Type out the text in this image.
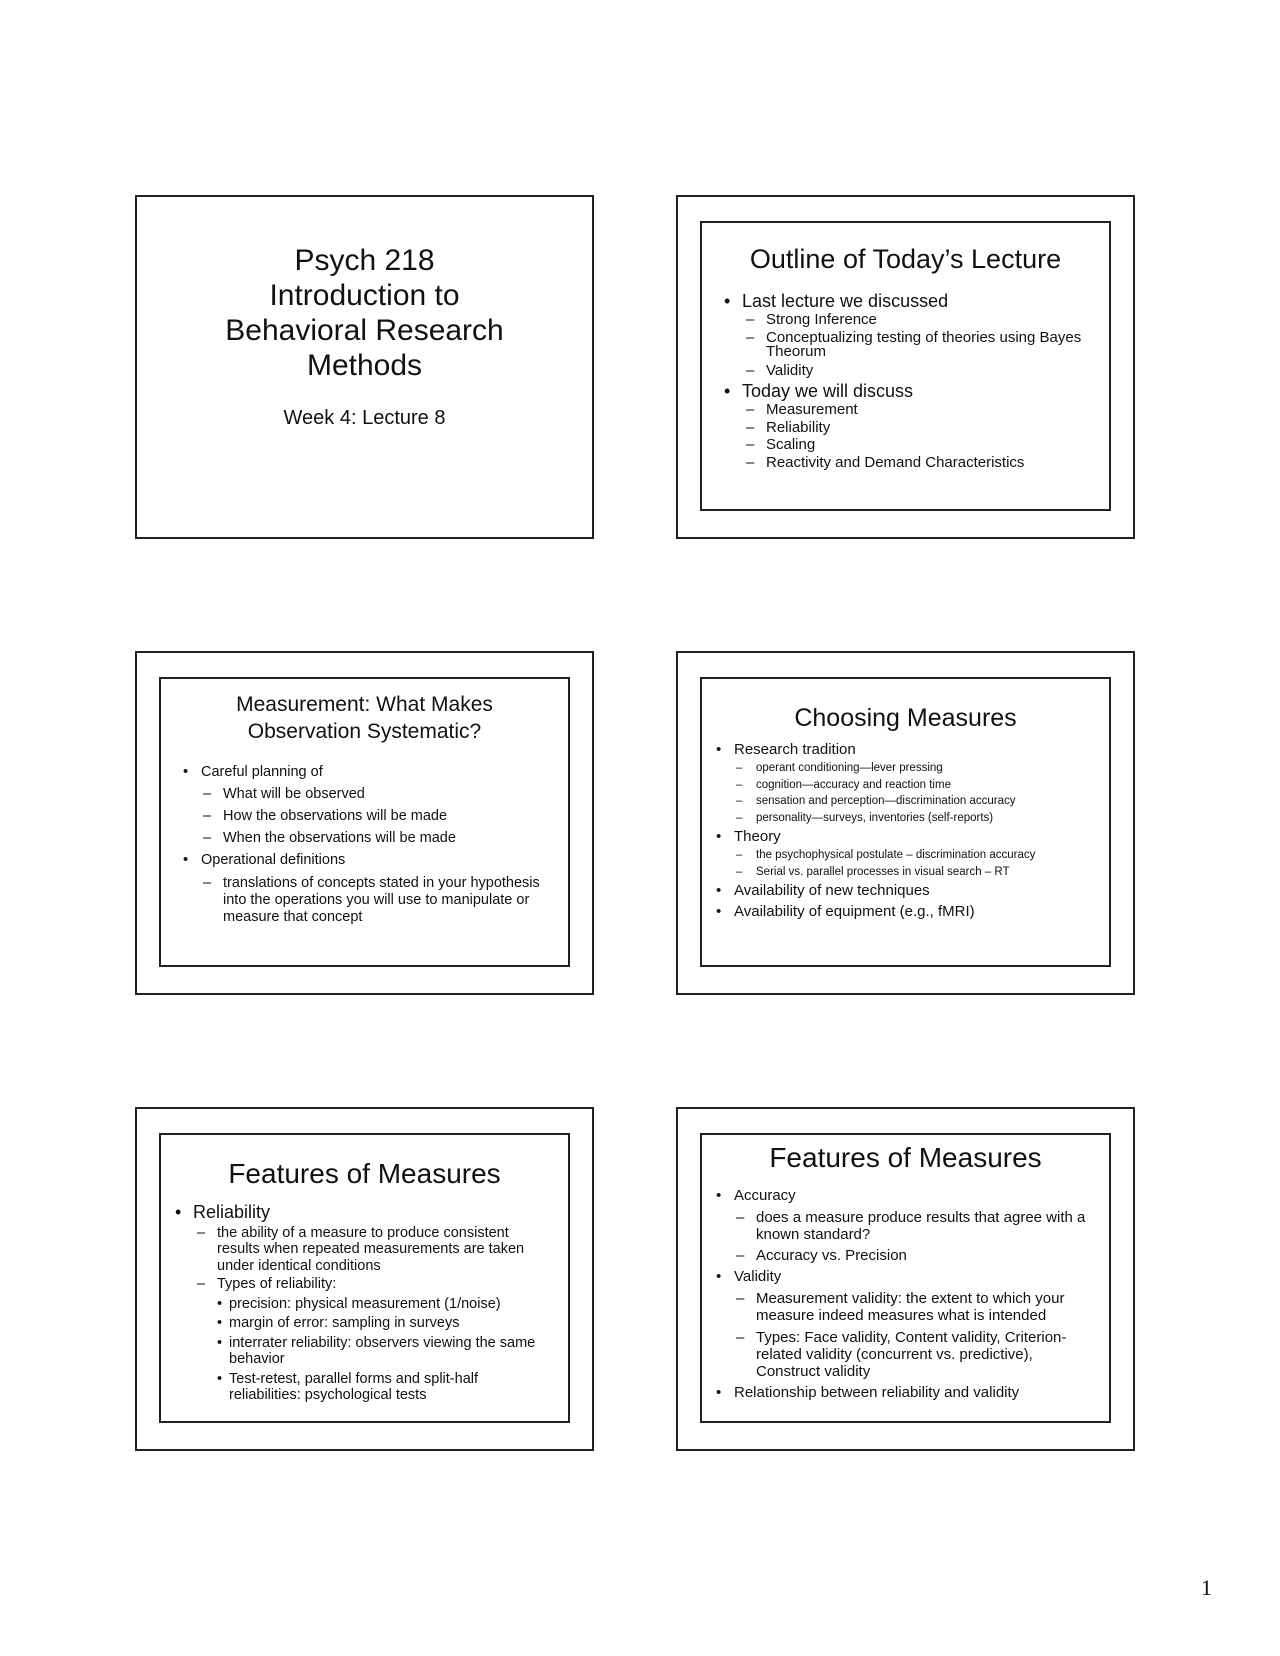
Psych 218
Introduction to
Behavioral Research
Methods
Week 4: Lecture 8
Outline of Today’s Lecture
• Last lecture we discussed
– Strong Inference
– Conceptualizing testing of theories using Bayes Theorum
– Validity
• Today we will discuss
– Measurement
– Reliability
– Scaling
– Reactivity and Demand Characteristics
Measurement: What Makes
Observation Systematic?
• Careful planning of
– What will be observed
– How the observations will be made
– When the observations will be made
• Operational definitions
– translations of concepts stated in your hypothesis into the operations you will use to manipulate or measure that concept
Choosing Measures
• Research tradition
– operant conditioning—lever pressing
– cognition—accuracy and reaction time
– sensation and perception—discrimination accuracy
– personality—surveys, inventories (self-reports)
• Theory
– the psychophysical postulate – discrimination accuracy
– Serial vs. parallel processes in visual search – RT
• Availability of new techniques
• Availability of equipment (e.g., fMRI)
Features of Measures
• Reliability
– the ability of a measure to produce consistent results when repeated measurements are taken under identical conditions
– Types of reliability:
• precision: physical measurement (1/noise)
• margin of error: sampling in surveys
• interrater reliability: observers viewing the same behavior
• Test-retest, parallel forms and split-half reliabilities: psychological tests
Features of Measures
• Accuracy
– does a measure produce results that agree with a known standard?
– Accuracy vs. Precision
• Validity
– Measurement validity: the extent to which your measure indeed measures what is intended
– Types: Face validity, Content validity, Criterion-related validity (concurrent vs. predictive), Construct validity
• Relationship between reliability and validity
1
